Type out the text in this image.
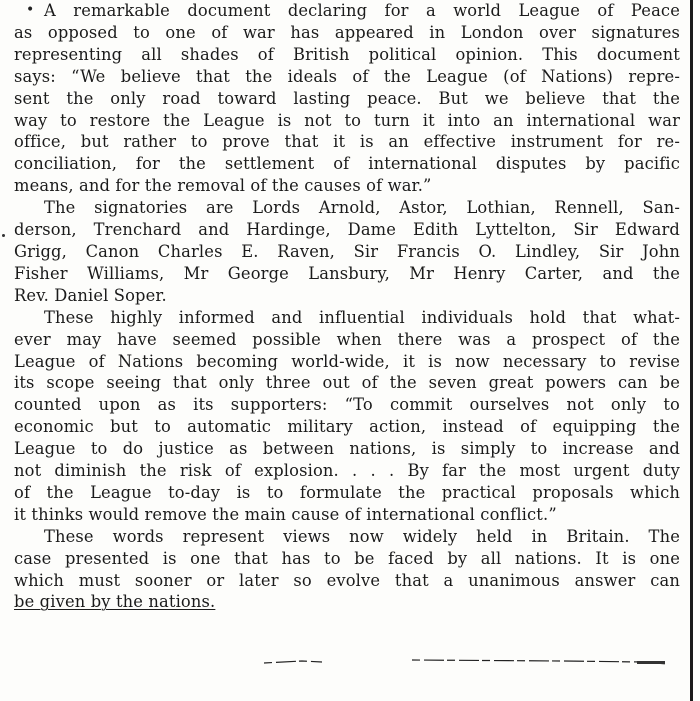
• A remarkable document declaring for a world League of Peace
as opposed to one of war has appeared in London over signatures
representing all shades of British political opinion. This document
says: “We believe that the ideals of the League (of Nations) repre-
sent the only road toward lasting peace. But we believe that the
way to restore the League is not to turn it into an international war
office, but rather to prove that it is an effective instrument for re-
conciliation, for the settlement of international disputes by pacific
means, and for the removal of the causes of war.”
The signatories are Lords Arnold, Astor, Lothian, Rennell, San-
derson, Trenchard and Hardinge, Dame Edith Lyttelton, Sir Edward
Grigg, Canon Charles E. Raven, Sir Francis O. Lindley, Sir John
Fisher Williams, Mr George Lansbury, Mr Henry Carter, and the
Rev. Daniel Soper.
These highly informed and influential individuals hold that what-
ever may have seemed possible when there was a prospect of the
League of Nations becoming world-wide, it is now necessary to revise
its scope seeing that only three out of the seven great powers can be
counted upon as its supporters: “To commit ourselves not only to
economic but to automatic military action, instead of equipping the
League to do justice as between nations, is simply to increase and
not diminish the risk of explosion. . . . By far the most urgent duty
of the League to-day is to formulate the practical proposals which
it thinks would remove the main cause of international conflict.”
These words represent views now widely held in Britain. The
case presented is one that has to be faced by all nations. It is one
which must sooner or later so evolve that a unanimous answer can
be given by the nations.
